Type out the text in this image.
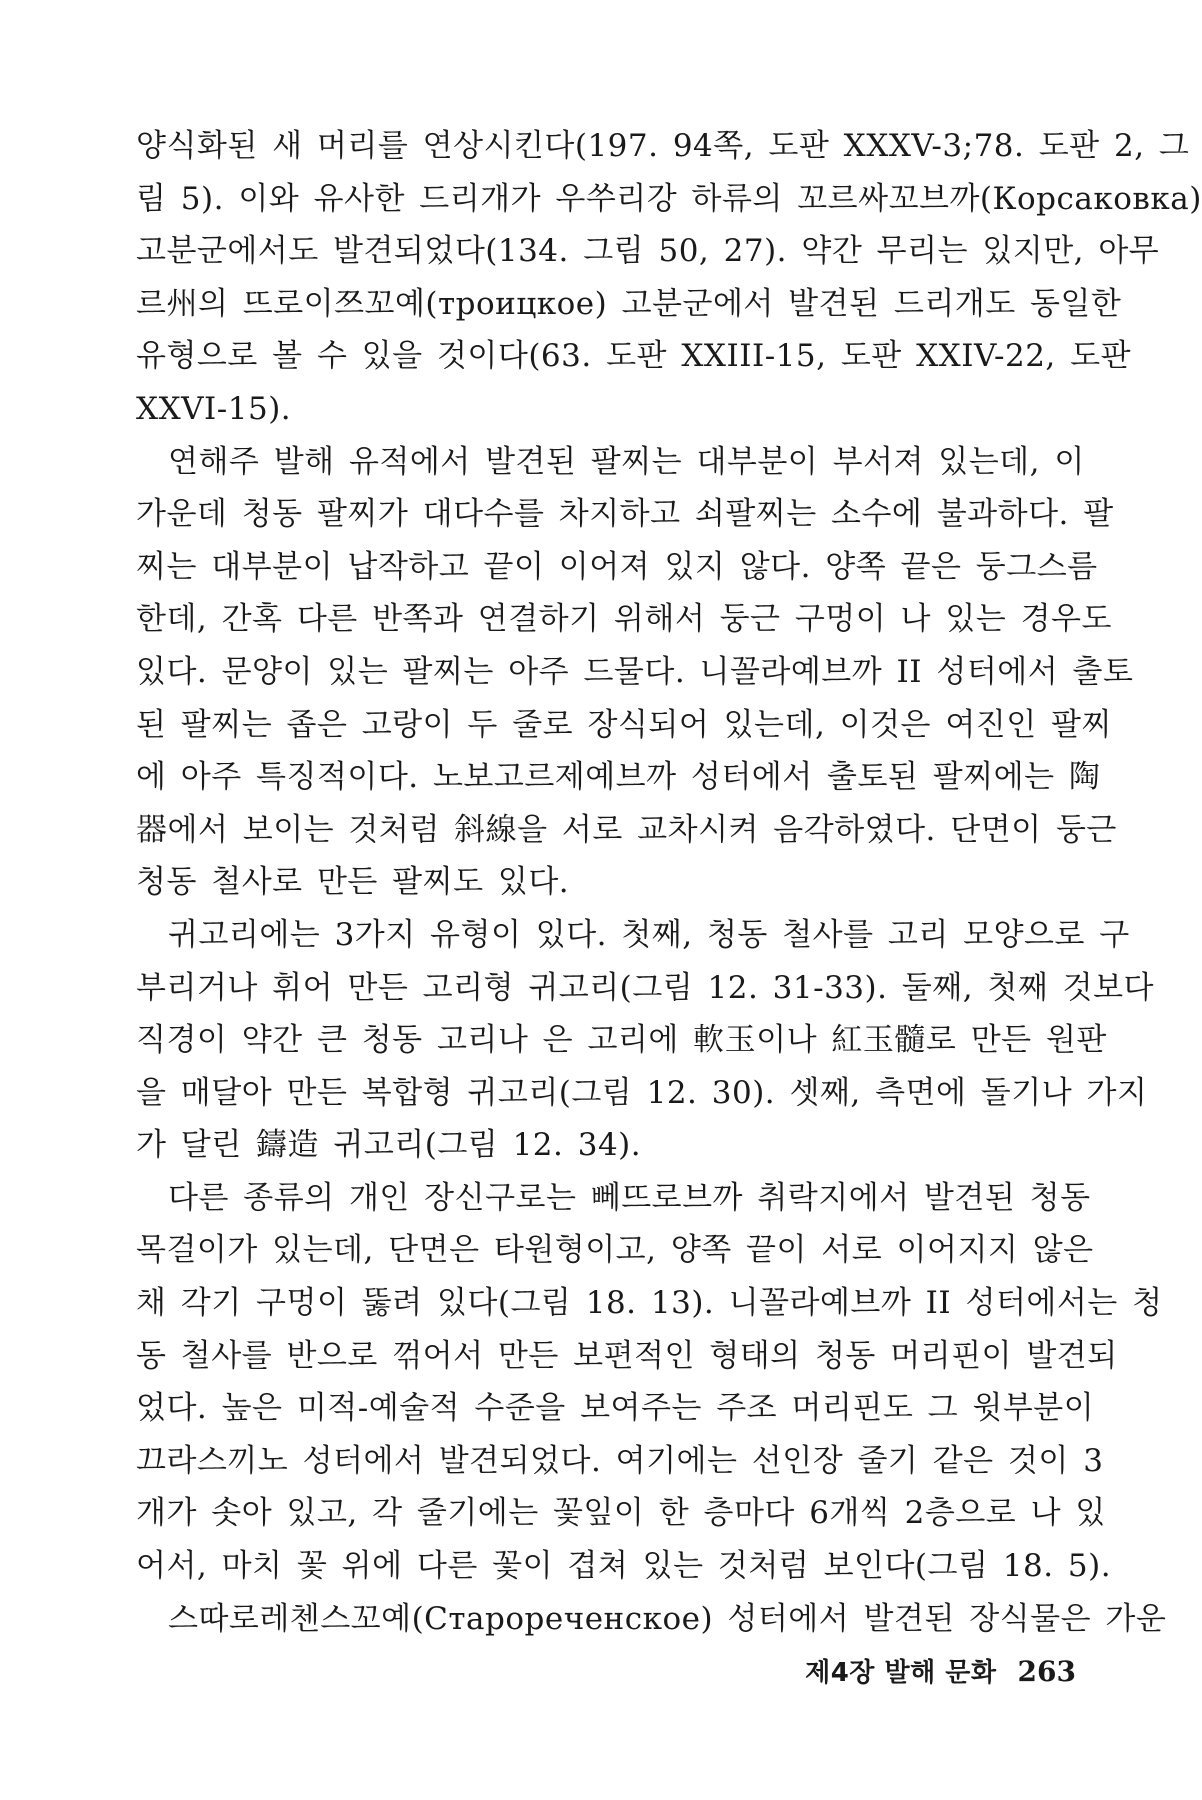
양식화된 새 머리를 연상시킨다(197. 94쪽, 도판 XXXV-3;78. 도판 2, 그
림 5). 이와 유사한 드리개가 우쑤리강 하류의 꼬르싸꼬브까(Корсаковка)
고분군에서도 발견되었다(134. 그림 50, 27). 약간 무리는 있지만, 아무
르州의 뜨로이쯔꼬예(троицкое) 고분군에서 발견된 드리개도 동일한
유형으로 볼 수 있을 것이다(63. 도판 XXIII-15, 도판 XXIV-22, 도판
XXVI-15).
연해주 발해 유적에서 발견된 팔찌는 대부분이 부서져 있는데, 이
가운데 청동 팔찌가 대다수를 차지하고 쇠팔찌는 소수에 불과하다. 팔
찌는 대부분이 납작하고 끝이 이어져 있지 않다. 양쪽 끝은 둥그스름
한데, 간혹 다른 반쪽과 연결하기 위해서 둥근 구멍이 나 있는 경우도
있다. 문양이 있는 팔찌는 아주 드물다. 니꼴라예브까 II 성터에서 출토
된 팔찌는 좁은 고랑이 두 줄로 장식되어 있는데, 이것은 여진인 팔찌
에 아주 특징적이다. 노보고르제예브까 성터에서 출토된 팔찌에는 陶
器에서 보이는 것처럼 斜線을 서로 교차시켜 음각하였다. 단면이 둥근
청동 철사로 만든 팔찌도 있다.
귀고리에는 3가지 유형이 있다. 첫째, 청동 철사를 고리 모양으로 구
부리거나 휘어 만든 고리형 귀고리(그림 12. 31-33). 둘째, 첫째 것보다
직경이 약간 큰 청동 고리나 은 고리에 軟玉이나 紅玉髓로 만든 원판
을 매달아 만든 복합형 귀고리(그림 12. 30). 셋째, 측면에 돌기나 가지
가 달린 鑄造 귀고리(그림 12. 34).
다른 종류의 개인 장신구로는 뻬뜨로브까 취락지에서 발견된 청동
목걸이가 있는데, 단면은 타원형이고, 양쪽 끝이 서로 이어지지 않은
채 각기 구멍이 뚫려 있다(그림 18. 13). 니꼴라예브까 II 성터에서는 청
동 철사를 반으로 꺾어서 만든 보편적인 형태의 청동 머리핀이 발견되
었다. 높은 미적-예술적 수준을 보여주는 주조 머리핀도 그 윗부분이
끄라스끼노 성터에서 발견되었다. 여기에는 선인장 줄기 같은 것이 3
개가 솟아 있고, 각 줄기에는 꽃잎이 한 층마다 6개씩 2층으로 나 있
어서, 마치 꽃 위에 다른 꽃이 겹쳐 있는 것처럼 보인다(그림 18. 5).
스따로레첸스꼬예(Старореченское) 성터에서 발견된 장식물은 가운
제4장 발해 문화 263
